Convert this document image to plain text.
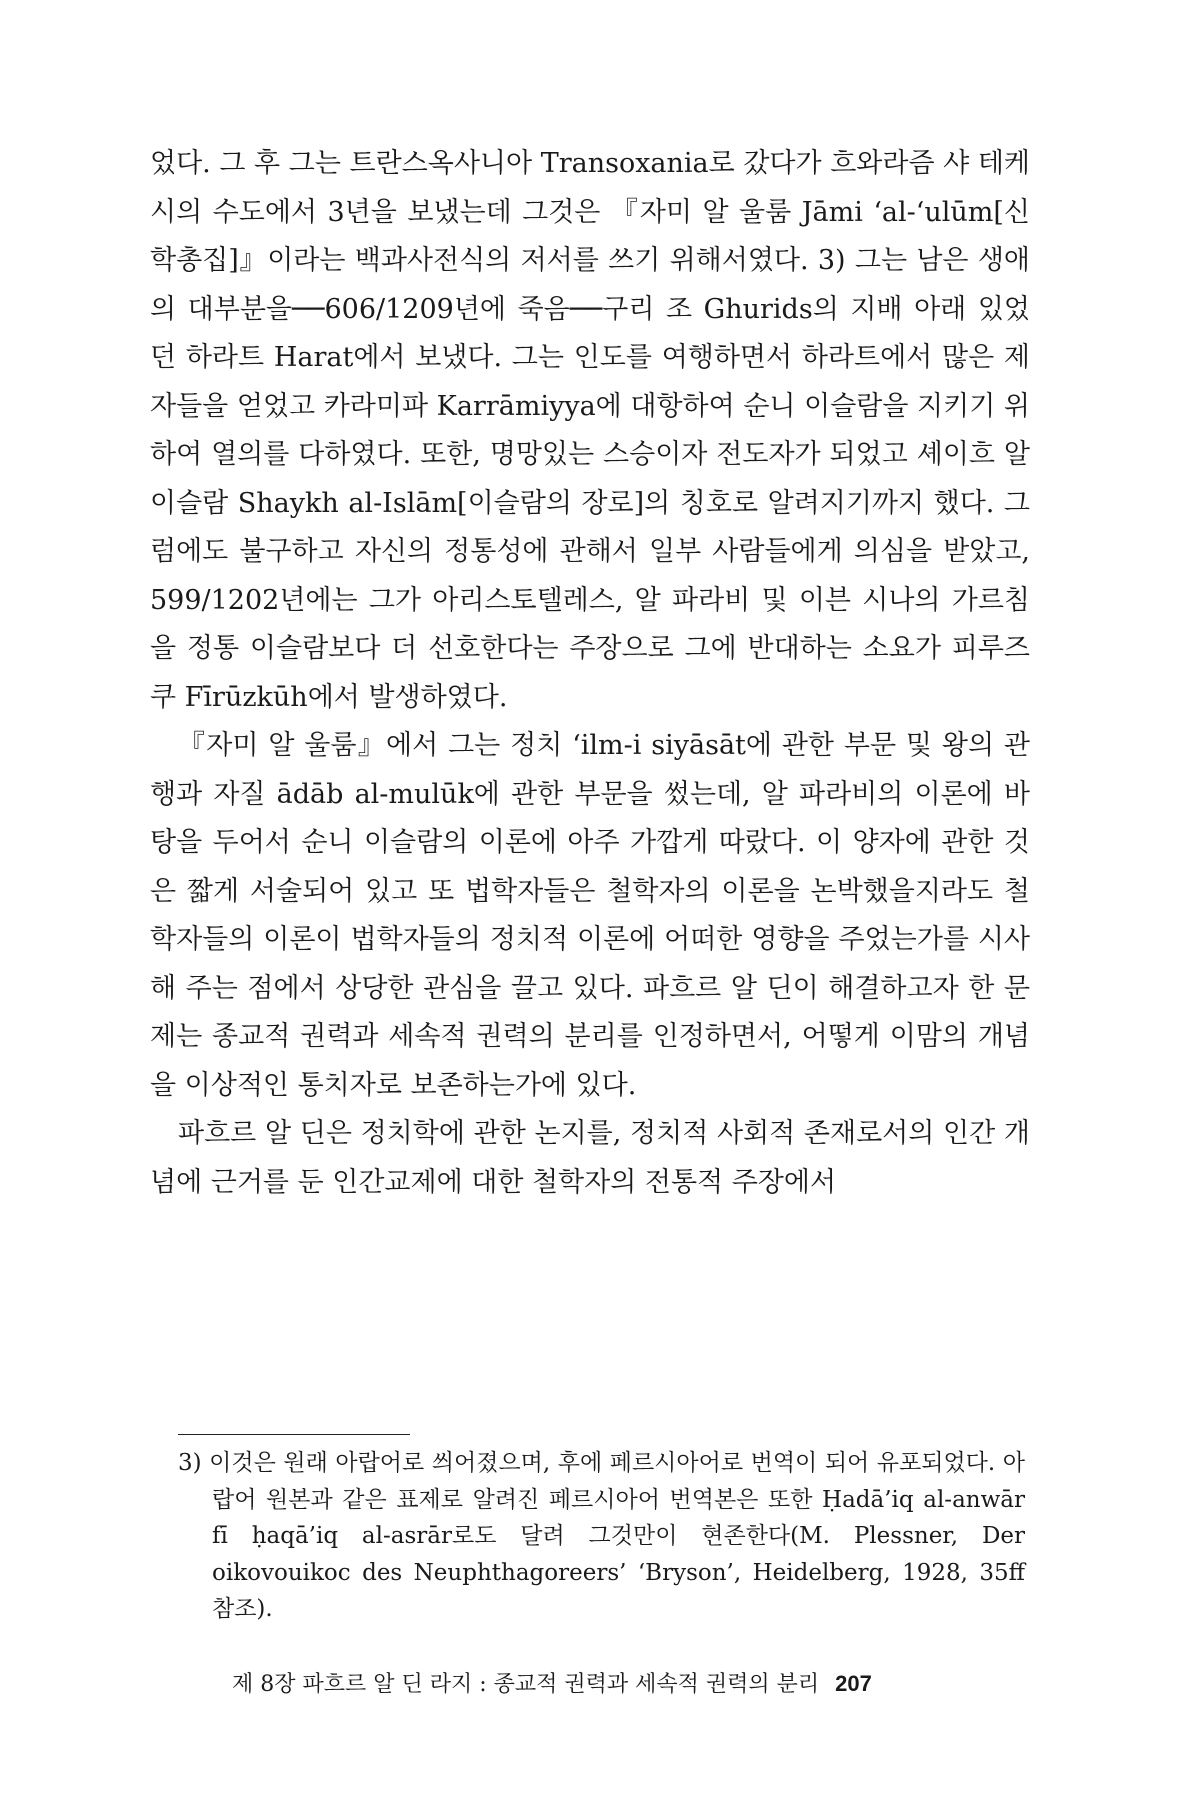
었다. 그 후 그는 트란스옥사니아 Transoxania로 갔다가 흐와라즘 샤 테케시의 수도에서 3년을 보냈는데 그것은 『자미 알 울룸 Jāmi ‘al-‘ulūm[신학총집]』이라는 백과사전식의 저서를 쓰기 위해서였다. 3) 그는 남은 생애의 대부분을──606/1209년에 죽음──구리 조 Ghurids의 지배 아래 있었던 하라트 Harat에서 보냈다. 그는 인도를 여행하면서 하라트에서 많은 제자들을 얻었고 카라미파 Karrāmiyya에 대항하여 순니 이슬람을 지키기 위하여 열의를 다하였다. 또한, 명망있는 스승이자 전도자가 되었고 셰이흐 알 이슬람 Shaykh al-Islām[이슬람의 장로]의 칭호로 알려지기까지 했다. 그럼에도 불구하고 자신의 정통성에 관해서 일부 사람들에게 의심을 받았고, 599/1202년에는 그가 아리스토텔레스, 알 파라비 및 이븐 시나의 가르침을 정통 이슬람보다 더 선호한다는 주장으로 그에 반대하는 소요가 피루즈쿠 Fīrūzkūh에서 발생하였다.

『자미 알 울룸』에서 그는 정치 ‘ilm-i siyāsāt에 관한 부문 및 왕의 관행과 자질 ādāb al-mulūk에 관한 부문을 썼는데, 알 파라비의 이론에 바탕을 두어서 순니 이슬람의 이론에 아주 가깝게 따랐다. 이 양자에 관한 것은 짧게 서술되어 있고 또 법학자들은 철학자의 이론을 논박했을지라도 철학자들의 이론이 법학자들의 정치적 이론에 어떠한 영향을 주었는가를 시사해 주는 점에서 상당한 관심을 끌고 있다. 파흐르 알 딘이 해결하고자 한 문제는 종교적 권력과 세속적 권력의 분리를 인정하면서, 어떻게 이맘의 개념을 이상적인 통치자로 보존하는가에 있다.

파흐르 알 딘은 정치학에 관한 논지를, 정치적 사회적 존재로서의 인간 개념에 근거를 둔 인간교제에 대한 철학자의 전통적 주장에서

3) 이것은 원래 아랍어로 씌어졌으며, 후에 페르시아어로 번역이 되어 유포되었다. 아랍어 원본과 같은 표제로 알려진 페르시아어 번역본은 또한 Ḥadā’iq al-anwār fī ḥaqā’iq al-asrār로도 달려 그것만이 현존한다(M. Plessner, Der oikovouikoc des Neuphthagoreers’ ‘Bryson’, Heidelberg, 1928, 35ff 참조).

제 8장 파흐르 알 딘 라지 : 종교적 권력과 세속적 권력의 분리 207
